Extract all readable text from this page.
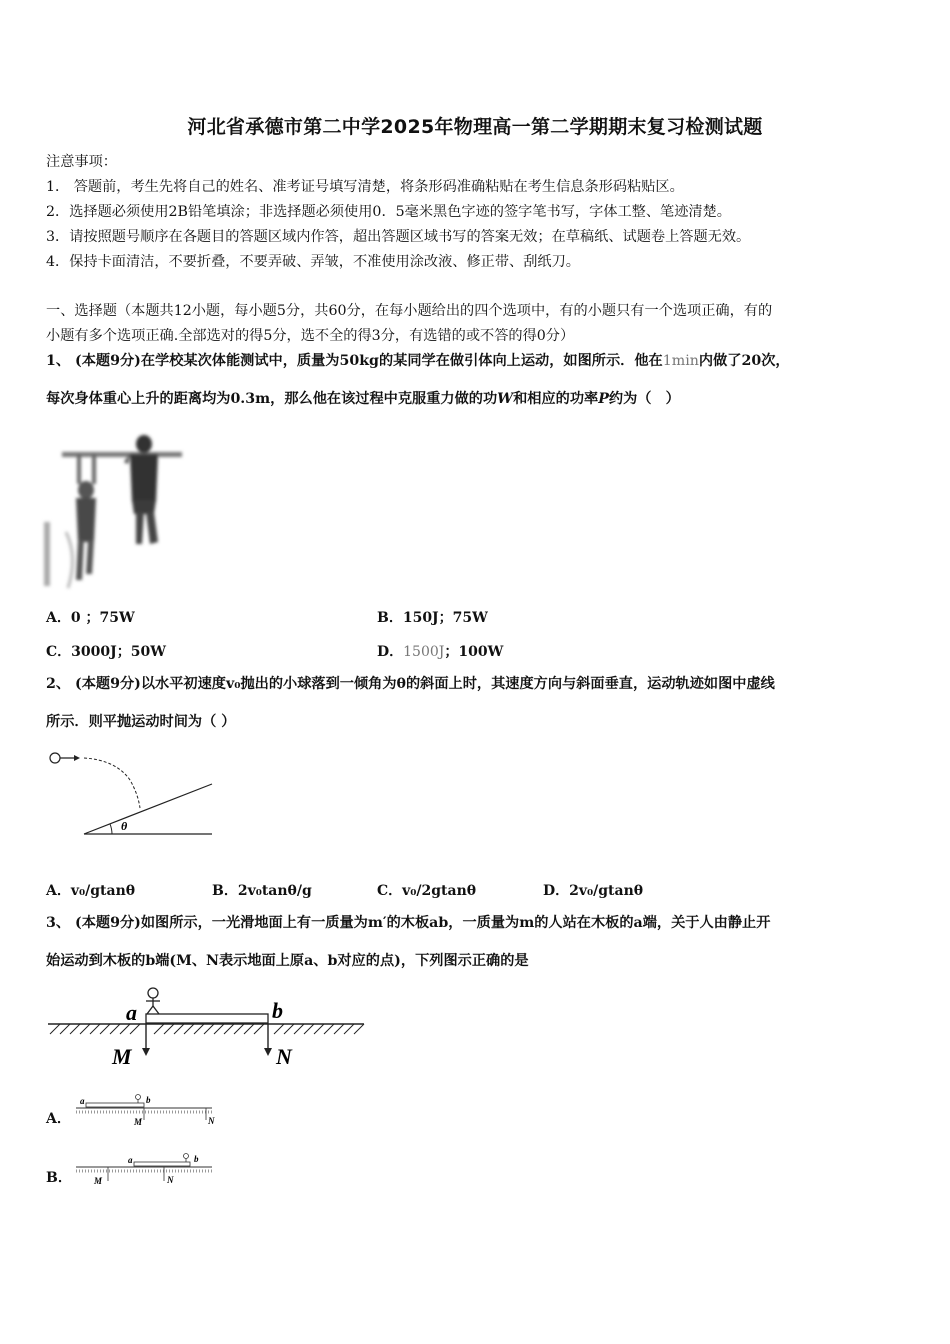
河北省承德市第二中学2025年物理高一第二学期期末复习检测试题
注意事项：
1． 答题前，考生先将自己的姓名、准考证号填写清楚，将条形码准确粘贴在考生信息条形码粘贴区。
2．选择题必须使用2B铅笔填涂；非选择题必须使用0．5毫米黑色字迹的签字笔书写，字体工整、笔迹清楚。
3．请按照题号顺序在各题目的答题区域内作答，超出答题区域书写的答案无效；在草稿纸、试题卷上答题无效。
4．保持卡面清洁，不要折叠，不要弄破、弄皱，不准使用涂改液、修正带、刮纸刀。
一、选择题（本题共12小题，每小题5分，共60分，在每小题给出的四个选项中，有的小题只有一个选项正确，有的
小题有多个选项正确.全部选对的得5分，选不全的得3分，有选错的或不答的得0分）
1、 (本题9分)在学校某次体能测试中，质量为50kg的某同学在做引体向上运动，如图所示．他在1min内做了20次，
每次身体重心上升的距离均为0.3m，那么他在该过程中克服重力做的功W和相应的功率P约为（　）
A．0 ；75W	B．150J；75W
C．3000J；50W	D．1500J；100W
2、 (本题9分)以水平初速度v₀抛出的小球落到一倾角为θ的斜面上时，其速度方向与斜面垂直，运动轨迹如图中虚线
所示．则平抛运动时间为（ ）
θ
A．v₀/gtanθ	B．2v₀tanθ/g	C．v₀/2gtanθ	D．2v₀/gtanθ
3、 (本题9分)如图所示，一光滑地面上有一质量为m′的木板ab，一质量为m的人站在木板的a端，关于人由静止开
始运动到木板的b端(M、N表示地面上原a、b对应的点)，下列图示正确的是
a	b
M	N
A．
a	b
M	N
B．
a	b
M	N
